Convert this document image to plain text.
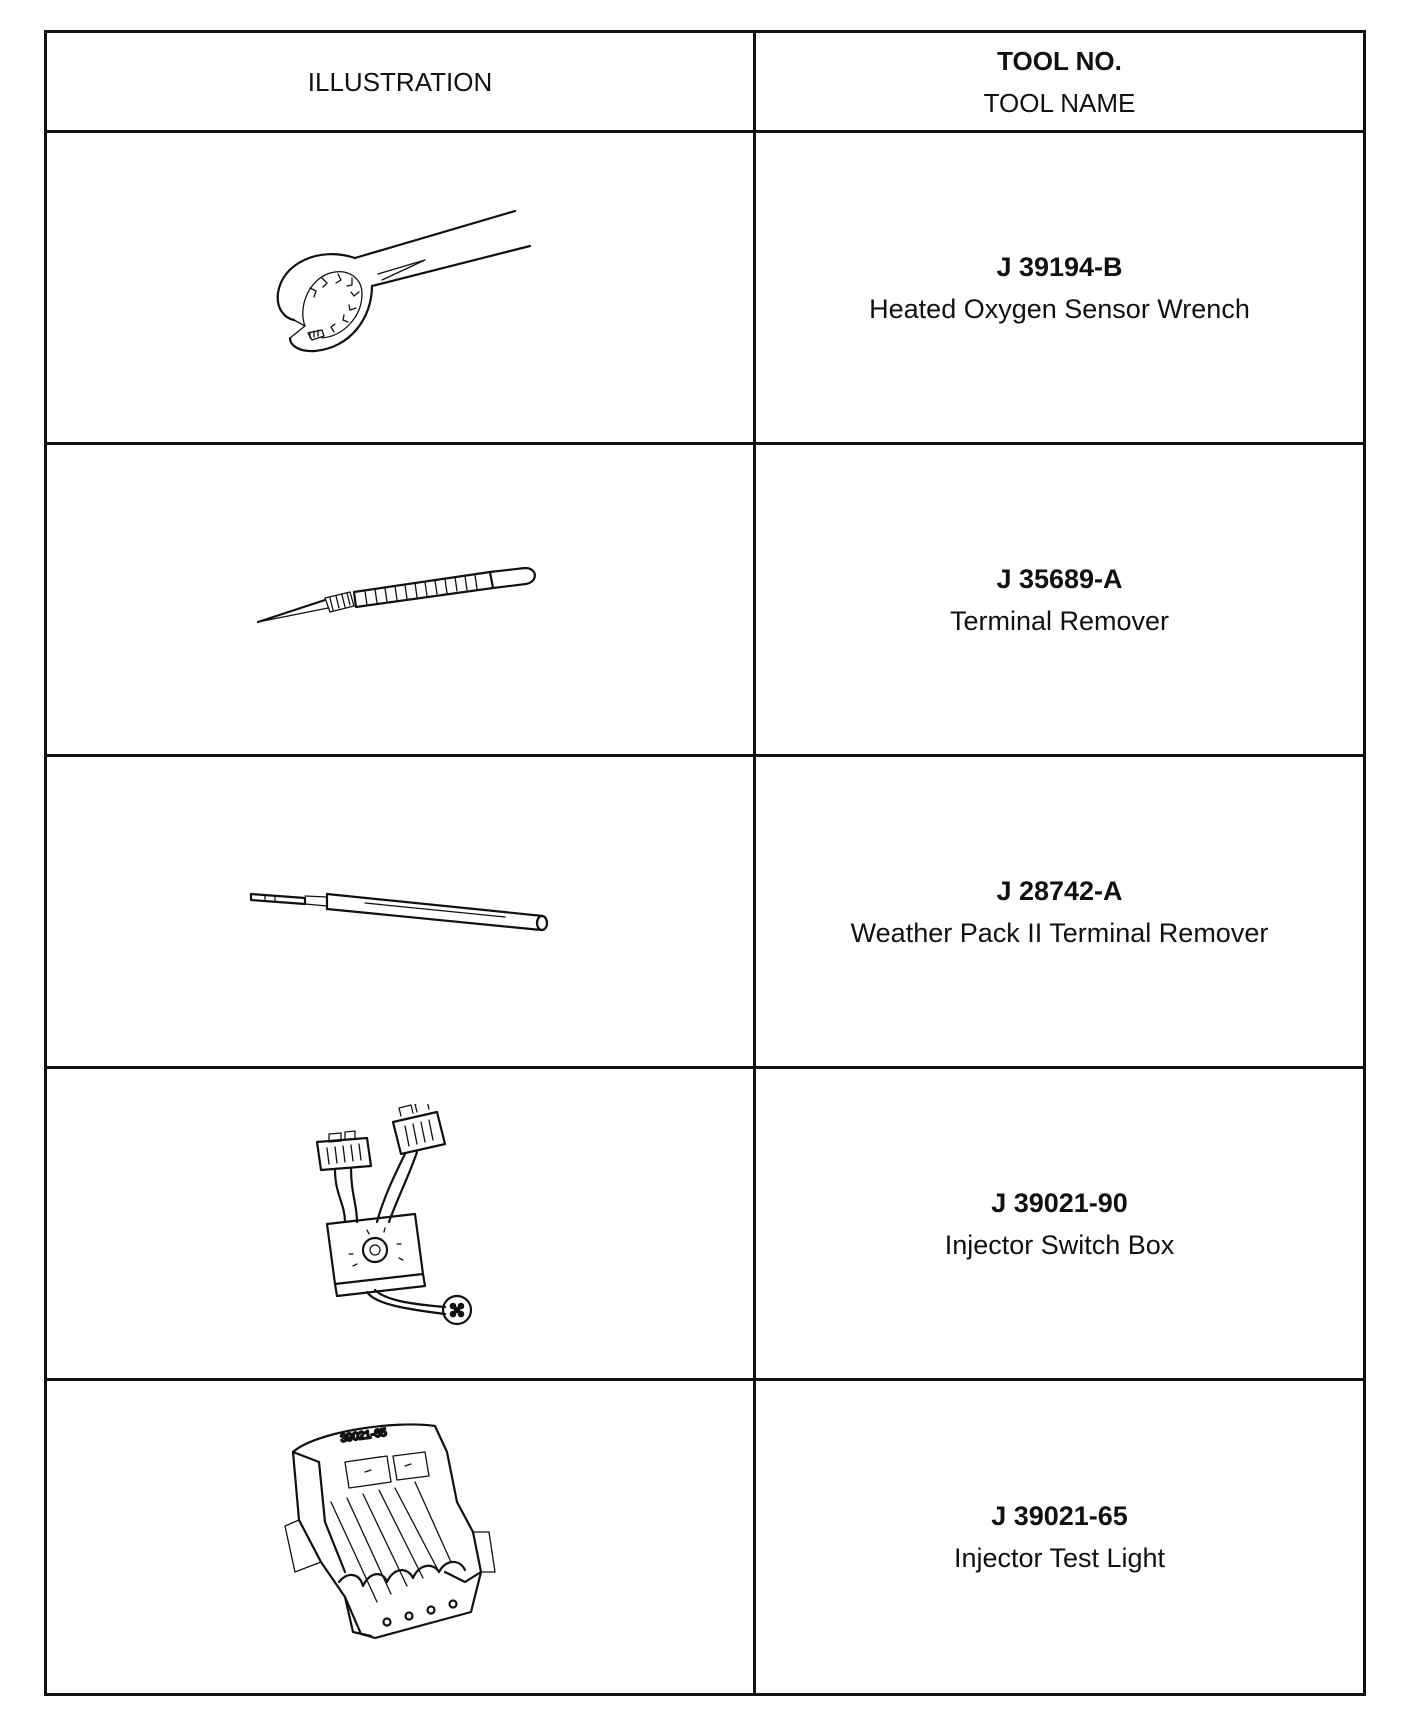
ILLUSTRATION
TOOL NO.
TOOL NAME
J 39194-B
Heated Oxygen Sensor Wrench
J 35689-A
Terminal Remover
J 28742-A
Weather Pack II Terminal Remover
J 39021-90
Injector Switch Box
39021-65
J 39021-65
Injector Test Light
